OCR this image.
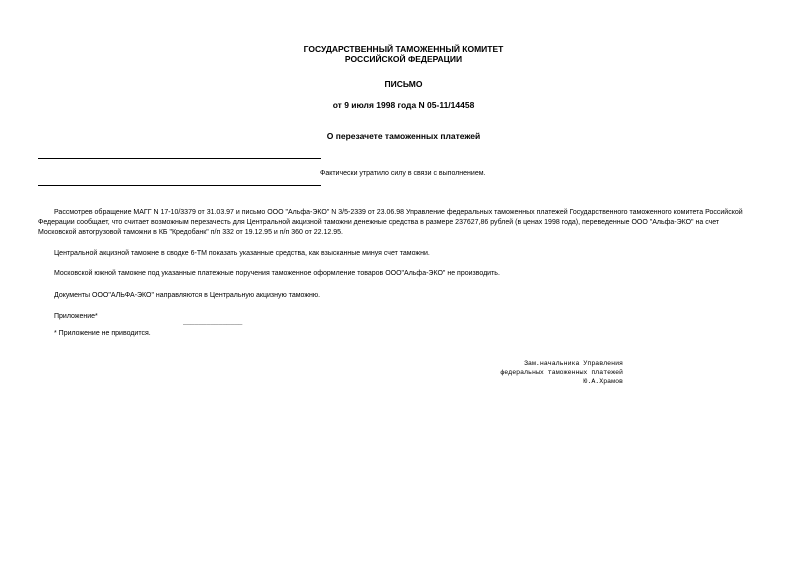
ГОСУДАРСТВЕННЫЙ ТАМОЖЕННЫЙ КОМИТЕТ
РОССИЙСКОЙ ФЕДЕРАЦИИ
ПИСЬМО
от 9 июля 1998 года N 05-11/14458
О перезачете таможенных платежей
Фактически утратило силу в связи с выполнением.
Рассмотрев обращение МАГГ N 17-10/3379 от 31.03.97 и письмо ООО "Альфа-ЭКО" N 3/5-2339 от 23.06.98 Управление федеральных таможенных платежей Государственного таможенного комитета Российской
Федерации сообщает, что считает возможным перезачесть для Центральной акцизной таможни денежные средства в размере 237627,86 рублей (в ценах 1998 года), переведенные ООО "Альфа-ЭКО" на счет
Московской автогрузовой таможни в КБ "Кредобанк" п/п 332 от 19.12.95 и п/п 360 от 22.12.95.
Центральной акцизной таможне в сводке 6-ТМ показать указанные средства, как взысканные минуя счет таможни.
Московской южной таможне под указанные платежные поручения таможенное оформление товаров ООО"Альфа-ЭКО" не производить.
Документы ООО"АЛЬФА-ЭКО" направляются в Центральную акцизную таможню.
Приложение*
_______________
* Приложение не приводится.
Зам.начальника Управления
федеральных таможенных платежей
Ю.А.Храмов
